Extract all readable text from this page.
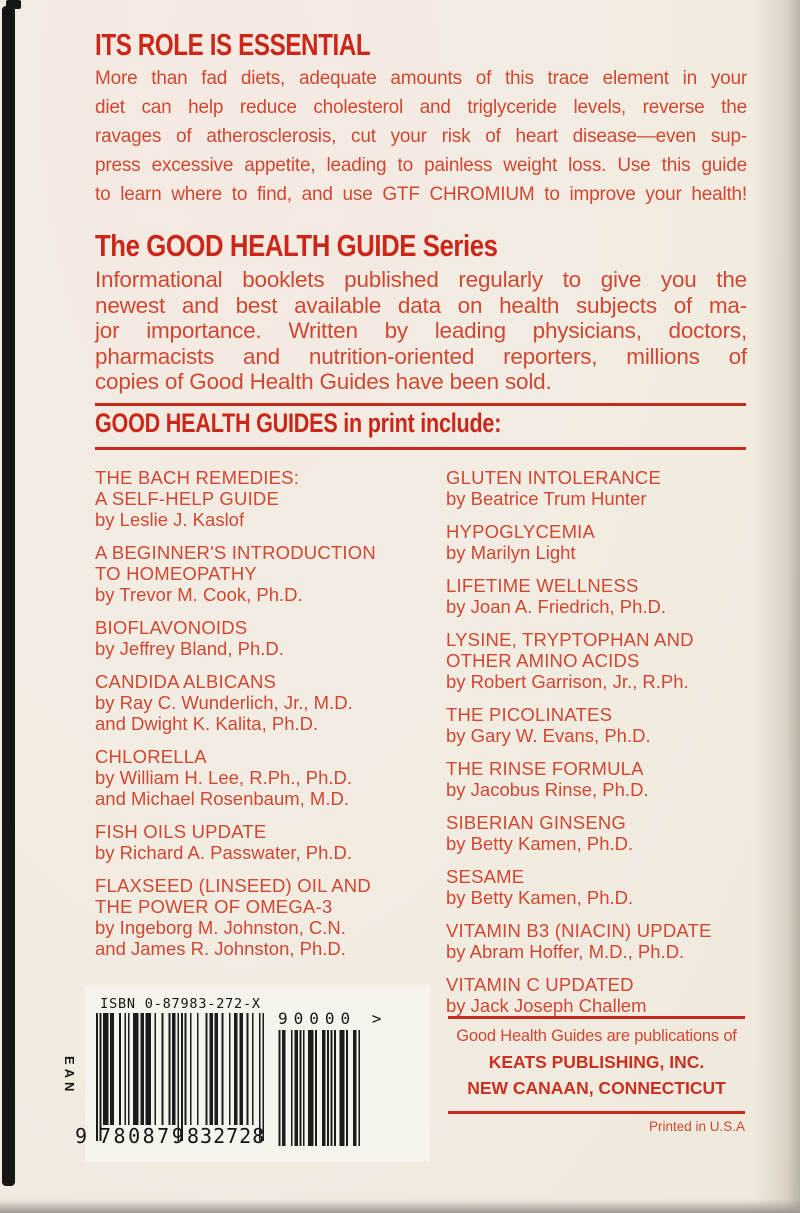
ITS ROLE IS ESSENTIAL
More than fad diets, adequate amounts of this trace element in your
diet can help reduce cholesterol and triglyceride levels, reverse the
ravages of atherosclerosis, cut your risk of heart disease—even sup-
press excessive appetite, leading to painless weight loss. Use this guide
to learn where to find, and use GTF CHROMIUM to improve your health!
The GOOD HEALTH GUIDE Series
Informational booklets published regularly to give you the
newest and best available data on health subjects of ma-
jor importance. Written by leading physicians, doctors,
pharmacists and nutrition-oriented reporters, millions of
copies of Good Health Guides have been sold.
GOOD HEALTH GUIDES in print include:
THE BACH REMEDIES:
A SELF-HELP GUIDE
by Leslie J. Kaslof
A BEGINNER'S INTRODUCTION
TO HOMEOPATHY
by Trevor M. Cook, Ph.D.
BIOFLAVONOIDS
by Jeffrey Bland, Ph.D.
CANDIDA ALBICANS
by Ray C. Wunderlich, Jr., M.D.
and Dwight K. Kalita, Ph.D.
CHLORELLA
by William H. Lee, R.Ph., Ph.D.
and Michael Rosenbaum, M.D.
FISH OILS UPDATE
by Richard A. Passwater, Ph.D.
FLAXSEED (LINSEED) OIL AND
THE POWER OF OMEGA-3
by Ingeborg M. Johnston, C.N.
and James R. Johnston, Ph.D.
GLUTEN INTOLERANCE
by Beatrice Trum Hunter
HYPOGLYCEMIA
by Marilyn Light
LIFETIME WELLNESS
by Joan A. Friedrich, Ph.D.
LYSINE, TRYPTOPHAN AND
OTHER AMINO ACIDS
by Robert Garrison, Jr., R.Ph.
THE PICOLINATES
by Gary W. Evans, Ph.D.
THE RINSE FORMULA
by Jacobus Rinse, Ph.D.
SIBERIAN GINSENG
by Betty Kamen, Ph.D.
SESAME
by Betty Kamen, Ph.D.
VITAMIN B3 (NIACIN) UPDATE
by Abram Hoffer, M.D., Ph.D.
VITAMIN C UPDATED
by Jack Joseph Challem
ISBN 0-87983-272-X
90000 >
9 780879 832728
EAN
Good Health Guides are publications of
KEATS PUBLISHING, INC.
NEW CANAAN, CONNECTICUT
Printed in U.S.A
